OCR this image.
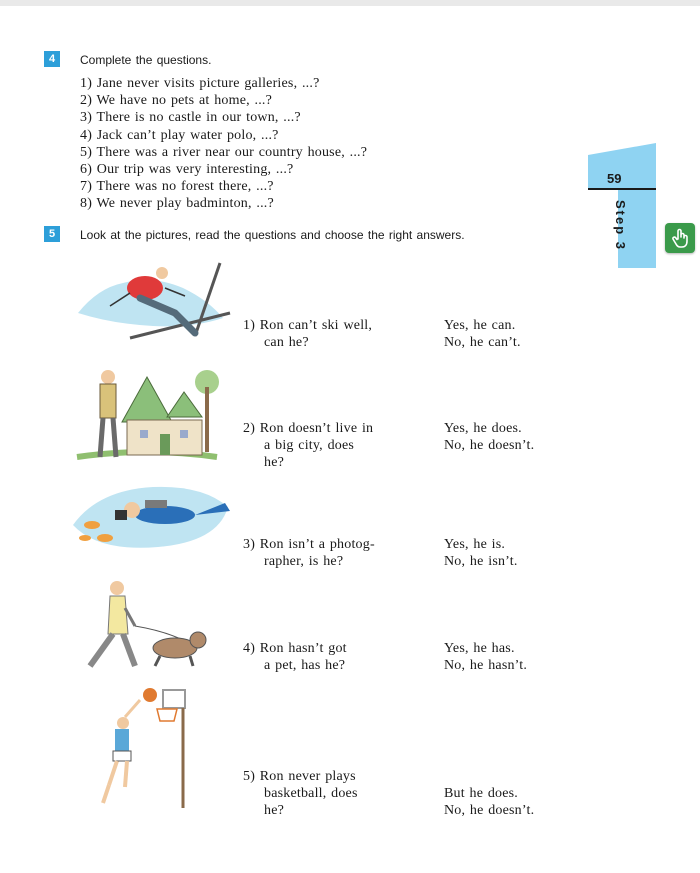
4	Complete the questions.
1) Jane never visits picture galleries, ...?
2) We have no pets at home, ...?
3) There is no castle in our town, ...?
4) Jack can’t play water polo, ...?
5) There was a river near our country house, ...?
6) Our trip was very interesting, ...?
7) There was no forest there, ...?
8) We never play badminton, ...?
59
Step 3
5	Look at the pictures, read the questions and choose the right answers.
1) Ron can’t ski well,
can he?
Yes, he can.
No, he can’t.
2) Ron doesn’t live in
a big city, does
he?
Yes, he does.
No, he doesn’t.
3) Ron isn’t a photog-
rapher, is he?
Yes, he is.
No, he isn’t.
4) Ron hasn’t got
a pet, has he?
Yes, he has.
No, he hasn’t.
5) Ron never plays
basketball, does
he?
But he does.
No, he doesn’t.
